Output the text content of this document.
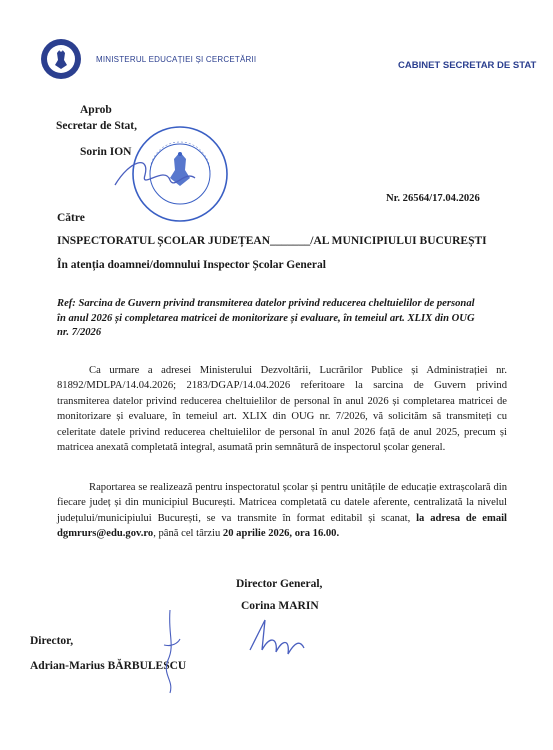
MINISTERUL EDUCAȚIEI ȘI CERCETĂRII
CABINET SECRETAR DE STAT
Aprob
Secretar de Stat,
Sorin ION
Nr. 26564/17.04.2026
Către
INSPECTORATUL ȘCOLAR JUDEȚEAN_______/AL MUNICIPIULUI BUCUREȘTI
În atenția doamnei/domnului Inspector Școlar General
Ref: Sarcina de Guvern privind transmiterea datelor privind reducerea cheltuielilor de personal
în anul 2026 și completarea matricei de monitorizare și evaluare, în temeiul art. XLIX din OUG
nr. 7/2026
Ca urmare a adresei Ministerului Dezvoltării, Lucrărilor Publice și Administrației nr. 81892/MDLPA/14.04.2026; 2183/DGAP/14.04.2026 referitoare la sarcina de Guvern privind transmiterea datelor privind reducerea cheltuielilor de personal în anul 2026 și completarea matricei de monitorizare și evaluare, în temeiul art. XLIX din OUG nr. 7/2026, vă solicităm să transmiteți cu celeritate datele privind reducerea cheltuielilor de personal în anul 2026 față de anul 2025, precum și matricea anexată completată integral, asumată prin semnătură de inspectorul școlar general.
Raportarea se realizează pentru inspectoratul școlar și pentru unitățile de educație extrașcolară din fiecare județ și din municipiul București. Matricea completată cu datele aferente, centralizată la nivelul județului/municipiului București, se va transmite în format editabil și scanat, la adresa de email dgmrurs@edu.gov.ro, până cel târziu 20 aprilie 2026, ora 16.00.
Director General,
Corina MARIN
Director,
Adrian-Marius BĂRBULESCU
